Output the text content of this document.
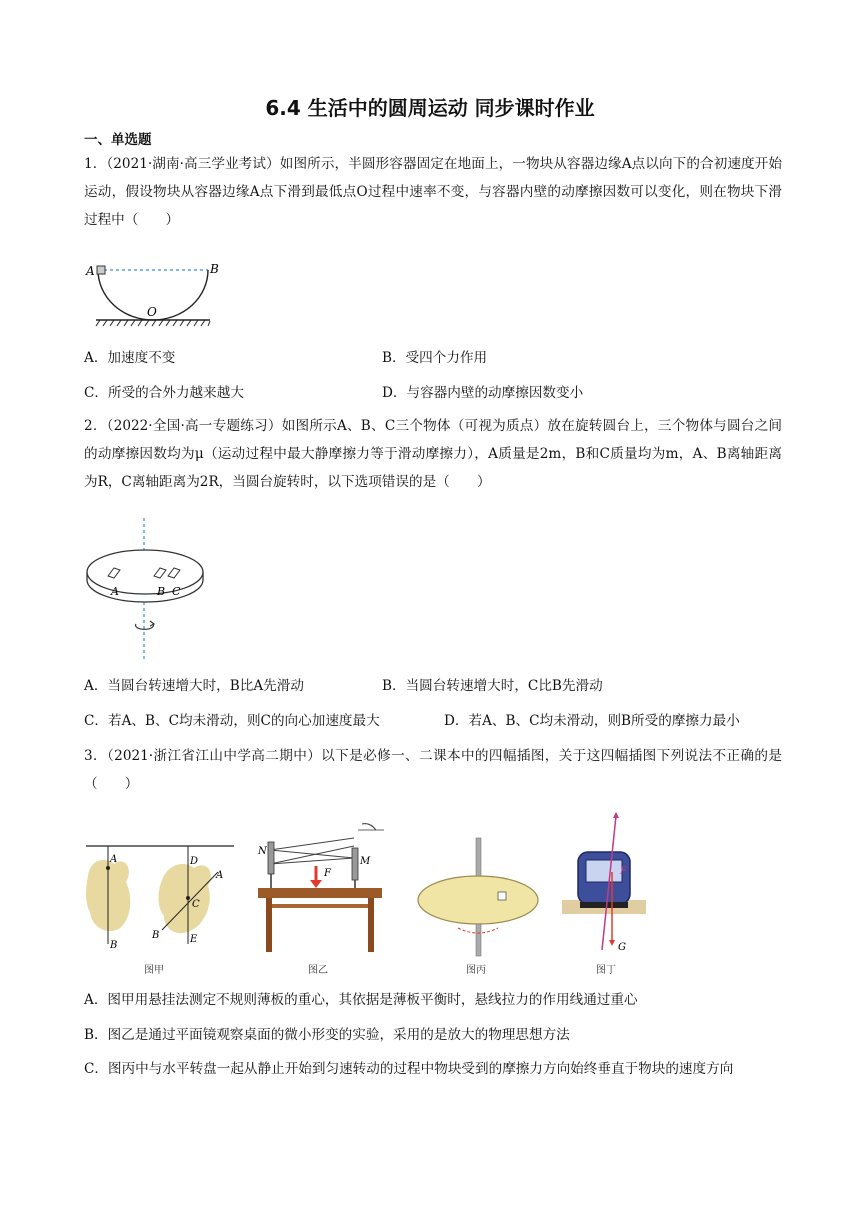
6.4 生活中的圆周运动 同步课时作业
一、单选题
1．（2021·湖南·高三学业考试）如图所示，半圆形容器固定在地面上，一物块从容器边缘A点以向下的合初速度开始运动，假设物块从容器边缘A点下滑到最低点O过程中速率不变，与容器内壁的动摩擦因数可以变化，则在物块下滑过程中（　　）
A	B
O
A．加速度不变	B．受四个力作用
C．所受的合外力越来越大	D．与容器内壁的动摩擦因数变小
2．（2022·全国·高一专题练习）如图所示A、B、C三个物体（可视为质点）放在旋转圆台上，三个物体与圆台之间的动摩擦因数均为μ（运动过程中最大静摩擦力等于滑动摩擦力），A质量是2m，B和C质量均为m，A、B离轴距离为R，C离轴距离为2R，当圆台旋转时，以下选项错误的是（　　）
A	B C
A．当圆台转速增大时，B比A先滑动	B．当圆台转速增大时，C比B先滑动
C．若A、B、C均未滑动，则C的向心加速度最大	D．若A、B、C均未滑动，则B所受的摩擦力最小
3．（2021·浙江省江山中学高二期中）以下是必修一、二课本中的四幅插图，关于这四幅插图下列说法不正确的是（　　）
A
B
D
A
C
B	E
图甲
N
F
M
图乙	图丙
F
G
图丁
A．图甲用悬挂法测定不规则薄板的重心，其依据是薄板平衡时，悬线拉力的作用线通过重心
B．图乙是通过平面镜观察桌面的微小形变的实验，采用的是放大的物理思想方法
C．图丙中与水平转盘一起从静止开始到匀速转动的过程中物块受到的摩擦力方向始终垂直于物块的速度方向
